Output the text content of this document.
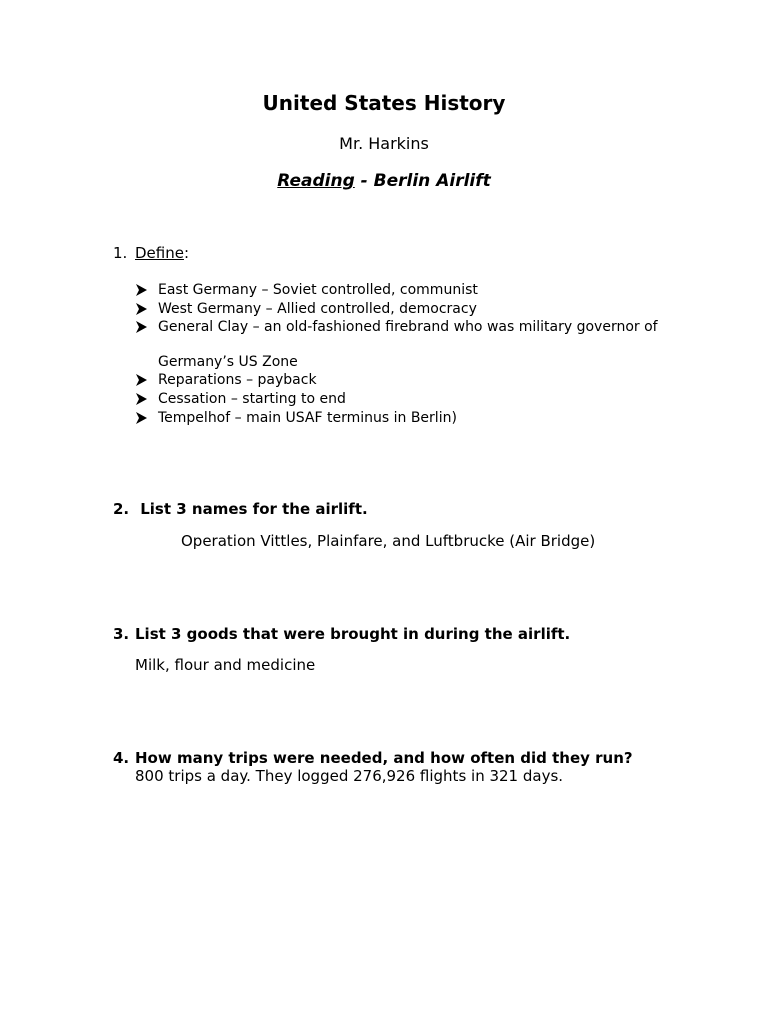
United States History
Mr. Harkins
Reading - Berlin Airlift
1. Define:
East Germany – Soviet controlled, communist
West Germany – Allied controlled, democracy
General Clay – an old-fashioned firebrand who was military governor of
Germany’s US Zone
Reparations – payback
Cessation – starting to end
Tempelhof – main USAF terminus in Berlin)
2. List 3 names for the airlift.
Operation Vittles, Plainfare, and Luftbrucke (Air Bridge)
3. List 3 goods that were brought in during the airlift.
Milk, flour and medicine
4. How many trips were needed, and how often did they run?
800 trips a day. They logged 276,926 flights in 321 days.
